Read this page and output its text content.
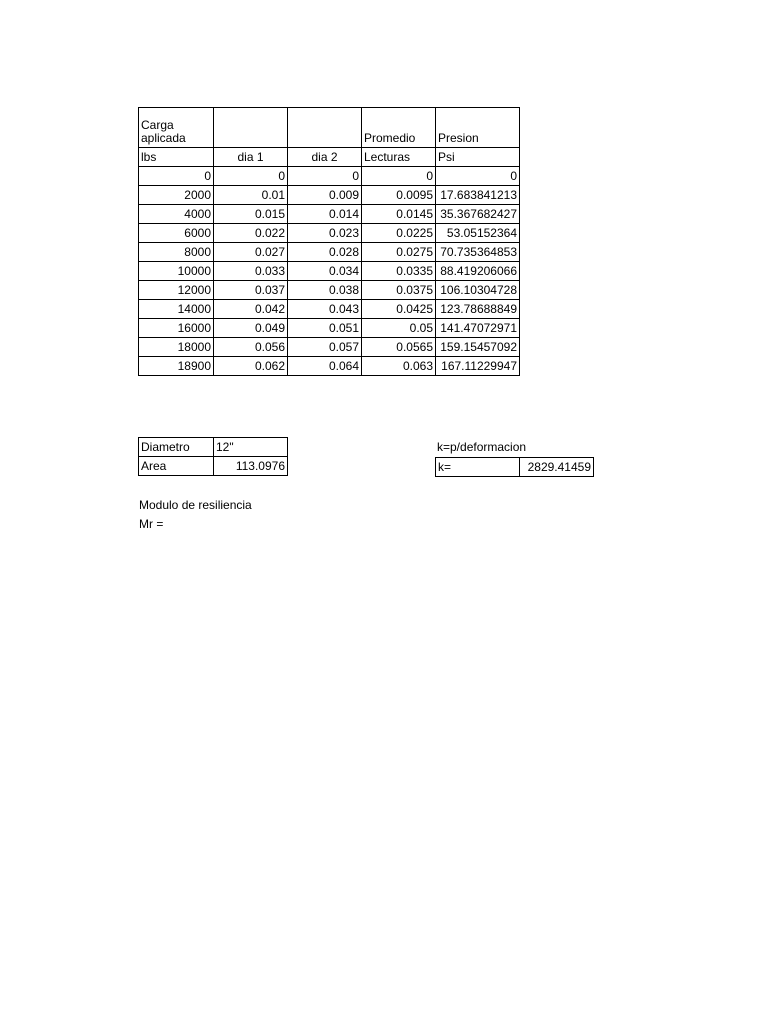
Carga aplicada			Promedio	Presion
lbs	dia 1	dia 2	Lecturas	Psi
0	0	0	0	0
2000	0.01	0.009	0.0095	17.683841213
4000	0.015	0.014	0.0145	35.367682427
6000	0.022	0.023	0.0225	53.05152364
8000	0.027	0.028	0.0275	70.735364853
10000	0.033	0.034	0.0335	88.419206066
12000	0.037	0.038	0.0375	106.10304728
14000	0.042	0.043	0.0425	123.78688849
16000	0.049	0.051	0.05	141.47072971
18000	0.056	0.057	0.0565	159.15457092
18900	0.062	0.064	0.063	167.11229947
Diametro	12"
Area	113.0976
k=p/deformacion
k=	2829.41459
Modulo de resiliencia
Mr =
